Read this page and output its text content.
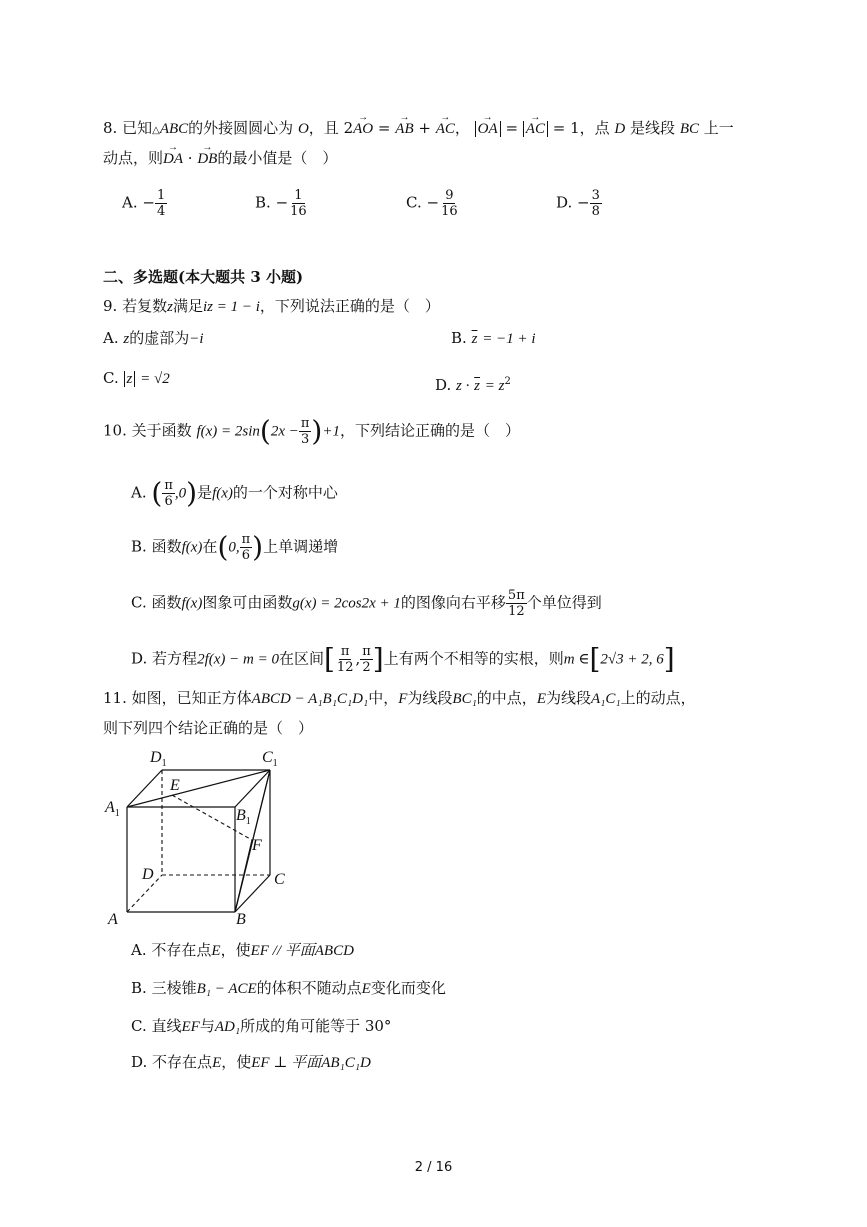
8. 已知△ABC的外接圆圆心为 O，且 2→ AO = → AB + → AC， → OA = → AC = 1，点 D 是线段 BC 上一
动点，则→ DA · → DB的最小值是（　）
A. − $\frac{1}{4}$	B. − $\frac{1}{16}$	C. − $\frac{9}{16}$	D. − $\frac{3}{8}$
二、多选题(本大题共 3 小题)
9. 若复数z满足iz = 1 − i，下列说法正确的是（　）
A. z的虚部为−i	B. $\overline{z} = -1 + i$
C. z = √2	D. $z \cdot \overline{z} = z^2$
10. 关于函数 $f(x) = 2\sin(2x - \frac{\pi}{3} )+1$，下列结论正确的是（　）
A. ( $\frac{\pi}{6} ,0$)是f(x)的一个对称中心
B. 函数f(x)在(0, $\frac{\pi}{6}$ )上单调递增
C. 函数f(x)图象可由函数g(x) = 2cos2x + 1的图像向右平移 $\frac{5\pi}{12}$ 个单位得到
D. 若方程2f(x) − m = 0在区间[ $\frac{\pi}{12}$ , $\frac{\pi}{2}$ ]上有两个不相等的实根，则m ∈[2√3 + 2, 6]
11. 如图，已知正方体ABCD − A₁B₁C₁D₁中，F为线段BC₁的中点，E为线段A₁C₁上的动点，
则下列四个结论正确的是（　）
$D_1$	$C_1$
$A_1$	$B_1$
E
F
D	C
A	B
A. 不存在点E，使EF // 平面ABCD
B. 三棱锥B₁ − ACE的体积不随动点E变化而变化
C. 直线EF与AD₁所成的角可能等于 30°
D. 不存在点E，使EF ⊥ 平面AB₁C₁D
2 / 16
